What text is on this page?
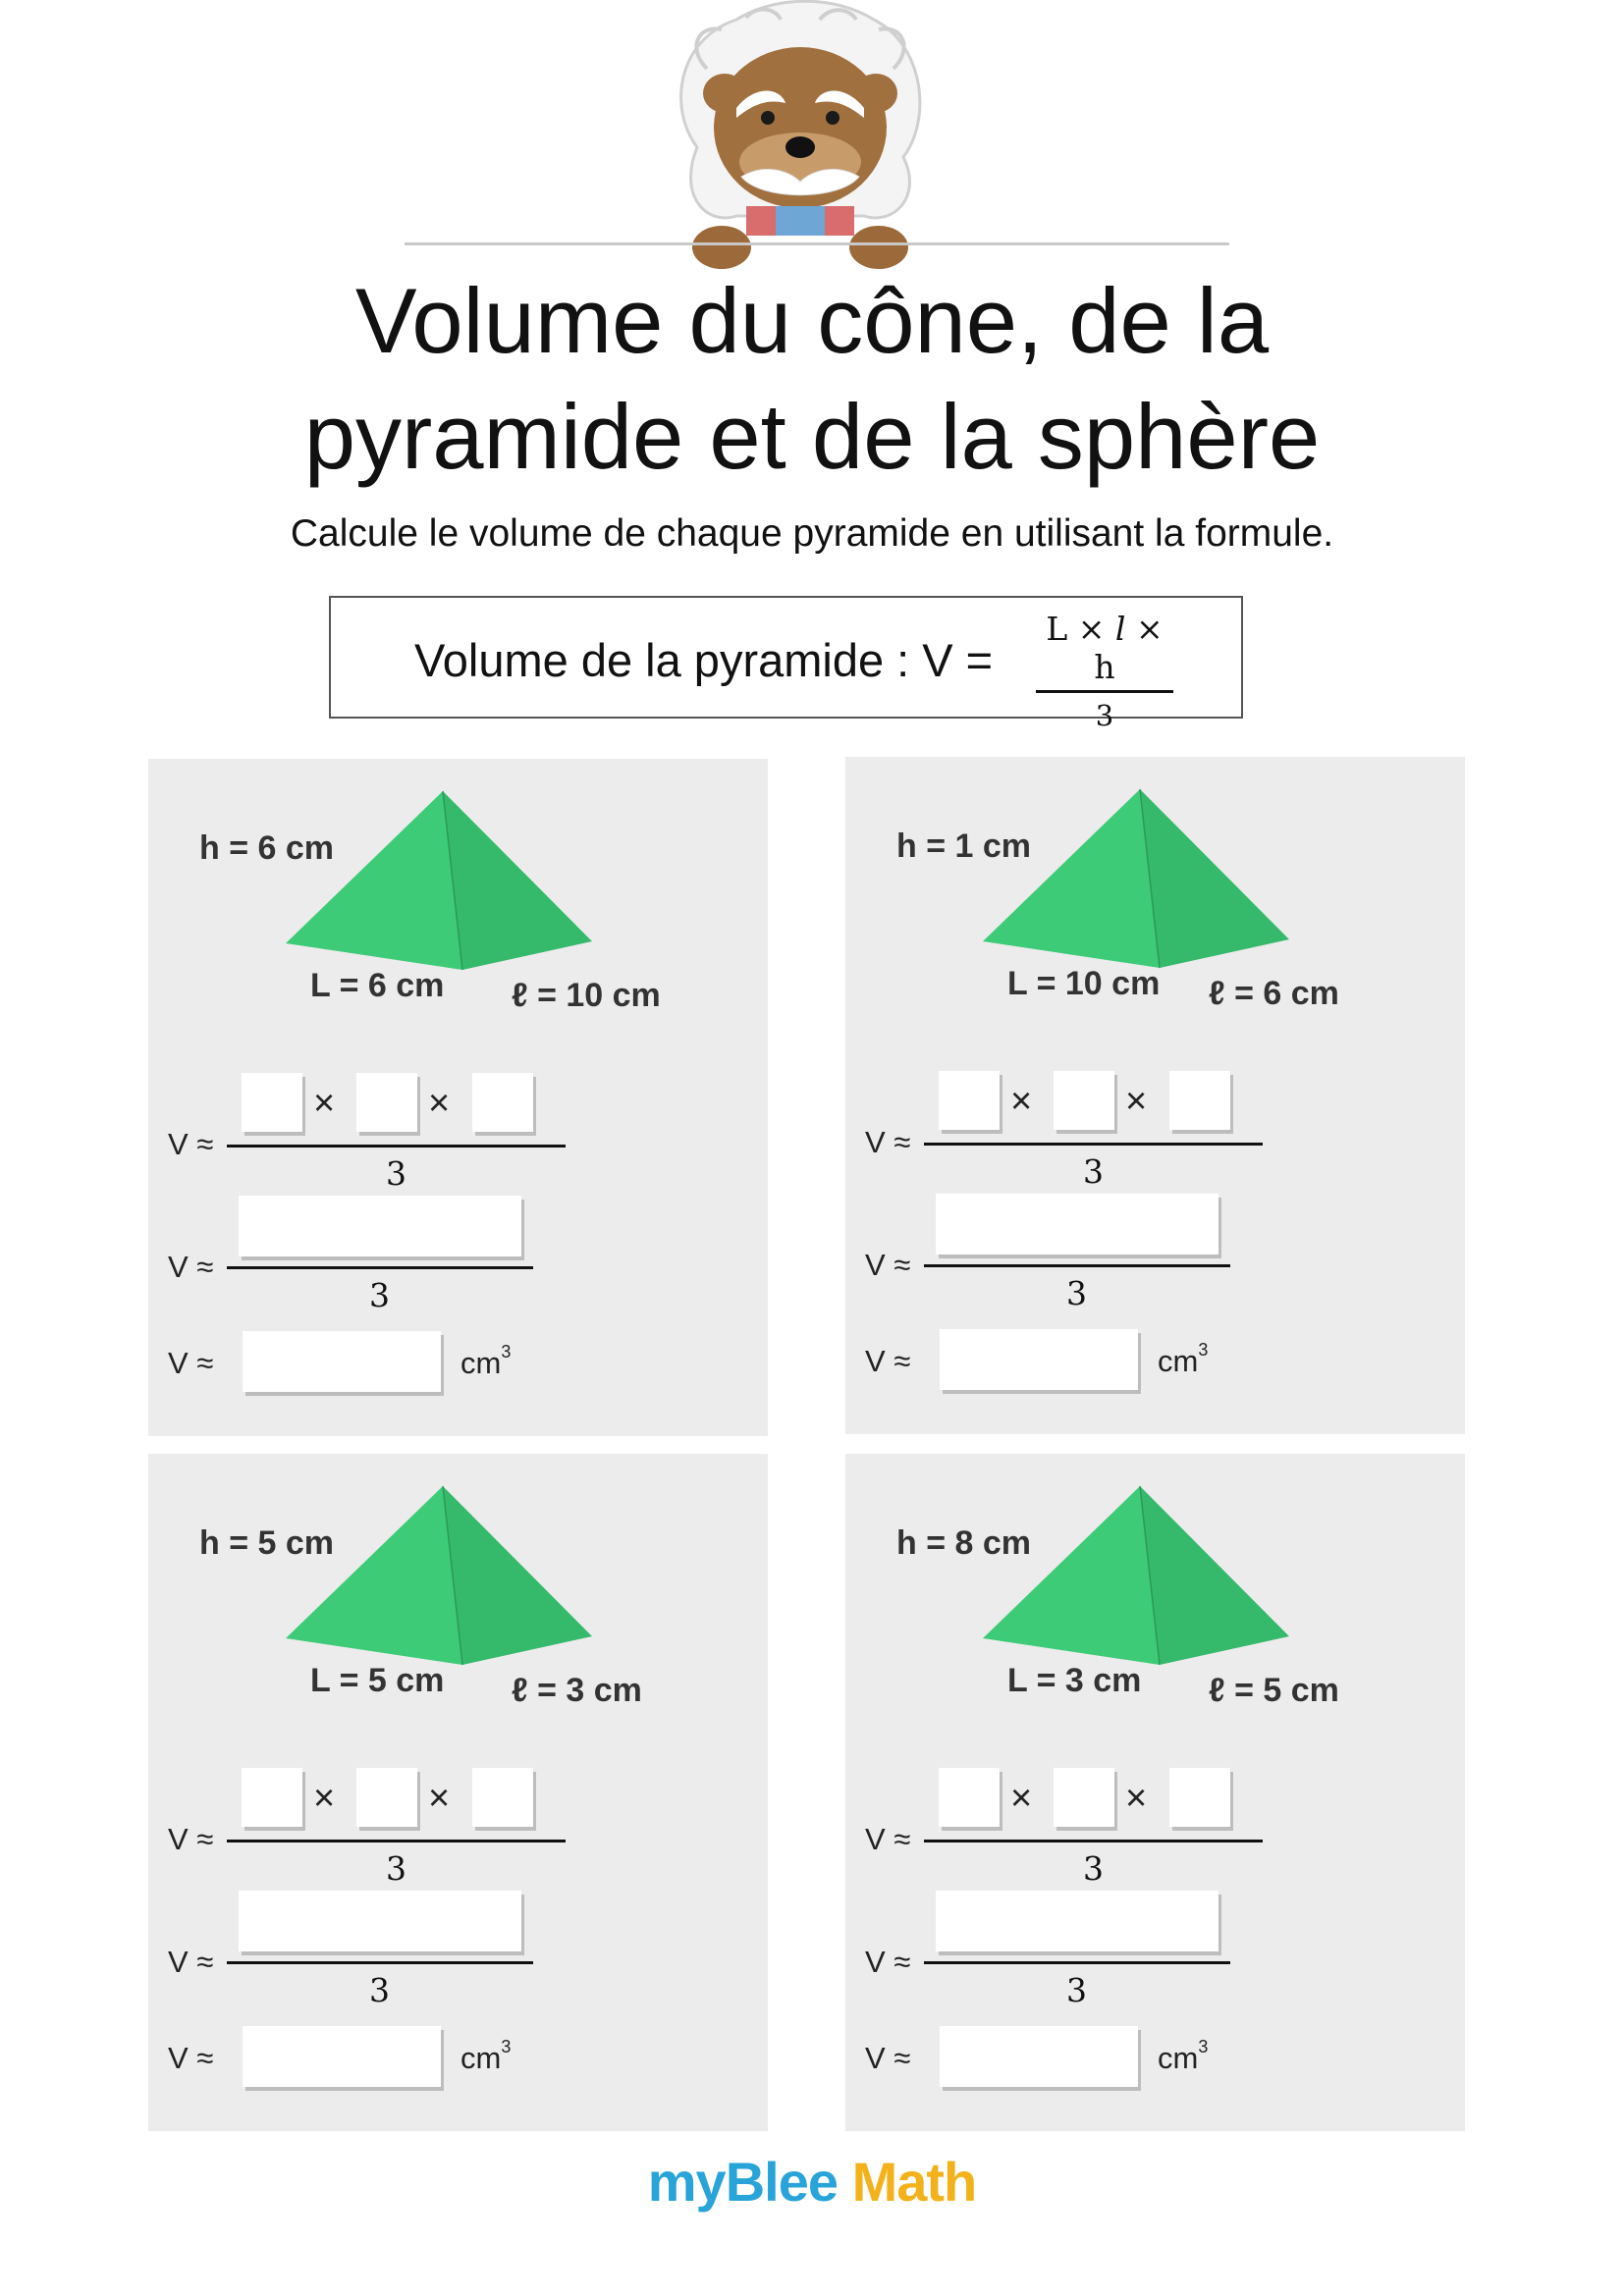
Volume du cône, de la
pyramide et de la sphère
Calcule le volume de chaque pyramide en utilisant la formule.
Volume de la pyramide : V =
L × 𝑙 × h
3
h = 6 cm
L = 6 cm ℓ = 10 cm
V ≈
× ×
3
V ≈
3
V ≈	$cm^3$
h = 1 cm
L = 10 cm ℓ = 6 cm
V ≈
× ×
3
V ≈
3
V ≈	$cm^3$
h = 5 cm
L = 5 cm ℓ = 3 cm
V ≈
× ×
3
V ≈
3
V ≈	$cm^3$
h = 8 cm
L = 3 cm ℓ = 5 cm
V ≈
× ×
3
V ≈
3
V ≈	$cm^3$
myBlee Math
